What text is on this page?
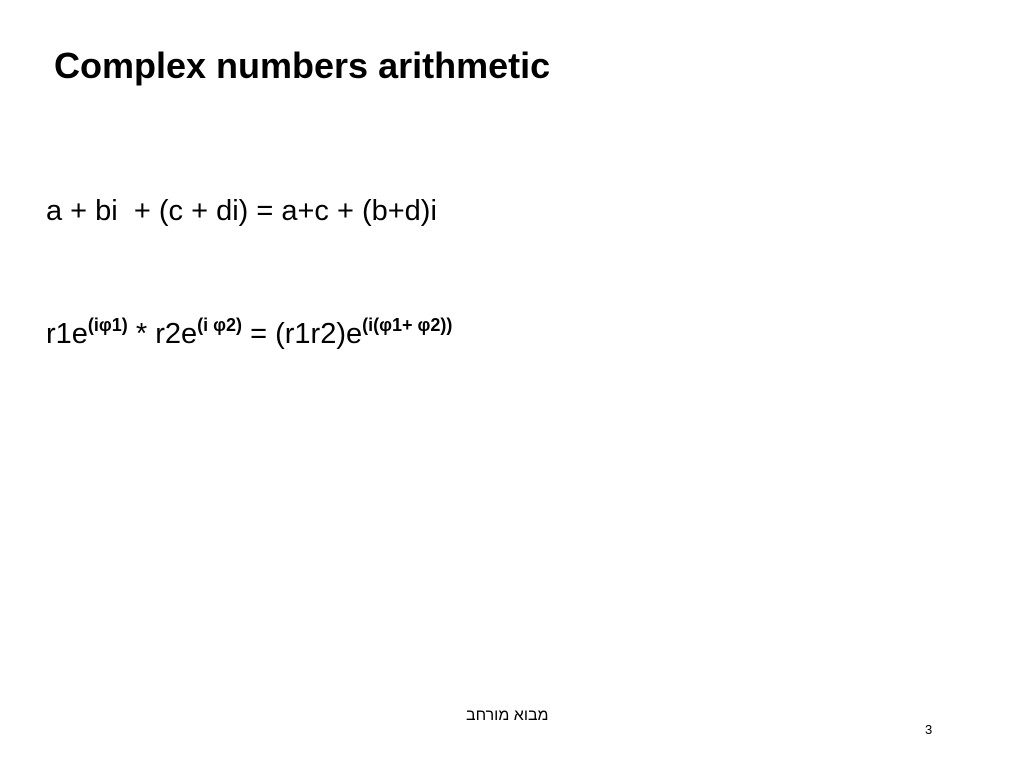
Complex numbers arithmetic
a + bi  + (c + di) = a+c + (b+d)i
$r1e^{(i\varphi 1)} * r2e^{(i \varphi 2)} = (r1r2)e^{(i(\varphi 1+ \varphi 2))}$
מבוא מורחב
3
